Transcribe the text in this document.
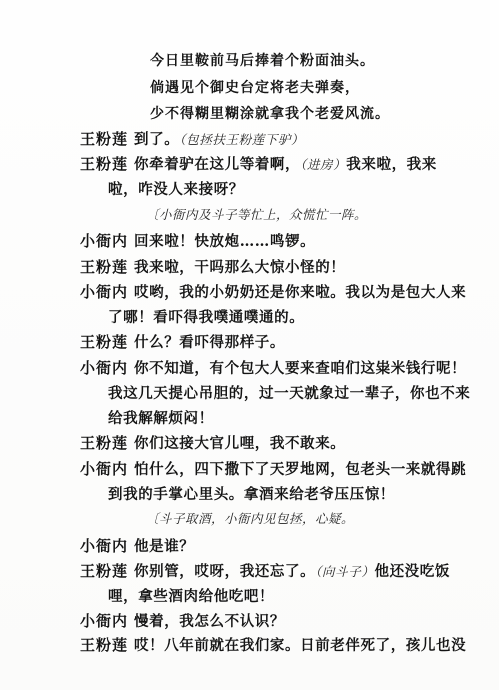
今日里鞍前马后捧着个粉面油头。
倘遇见个御史台定将老夫弹奏，
少不得糊里糊涂就拿我个老爱风流。
王粉莲 到了。（包拯扶王粉莲下驴）
王粉莲 你牵着驴在这儿等着啊，（进房）我来啦，我来
啦，咋没人来接呀？
〔小衙内及斗子等忙上，众慌忙一阵。
小衙内 回来啦！快放炮……鸣锣。
王粉莲 我来啦，干吗那么大惊小怪的！
小衙内 哎哟，我的小奶奶还是你来啦。我以为是包大人来
了哪！看吓得我噗通噗通的。
王粉莲 什么？看吓得那样子。
小衙内 你不知道，有个包大人要来查咱们这粜米钱行呢！
我这几天提心吊胆的，过一天就象过一辈子，你也不来
给我解解烦闷！
王粉莲 你们这接大官儿哩，我不敢来。
小衙内 怕什么，四下撒下了天罗地网，包老头一来就得跳
到我的手掌心里头。拿酒来给老爷压压惊！
〔斗子取酒，小衙内见包拯，心疑。
小衙内 他是谁？
王粉莲 你别管，哎呀，我还忘了。（向斗子）他还没吃饭
哩，拿些酒肉给他吃吧！
小衙内 慢着，我怎么不认识？
王粉莲 哎！八年前就在我们家。日前老伴死了，孩儿也没
